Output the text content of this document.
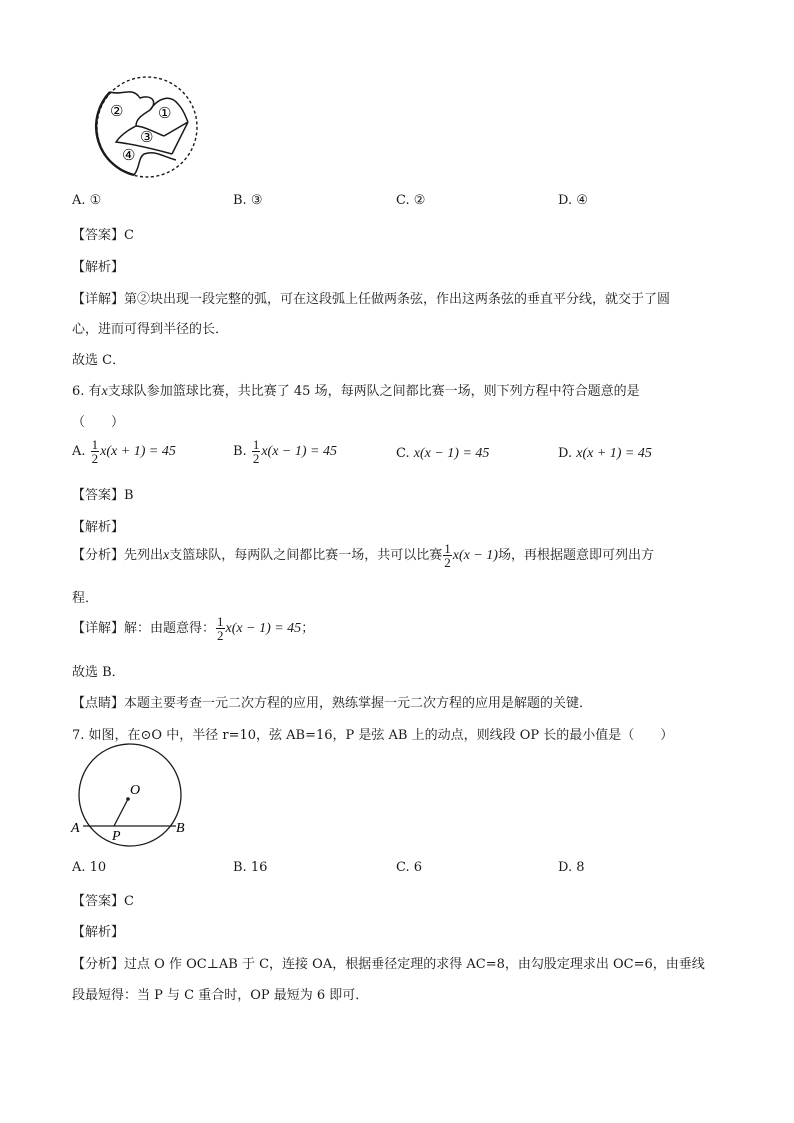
② ①
③
④
A. ①	B. ③	C. ②	D. ④
【答案】C
【解析】
【详解】第②块出现一段完整的弧，可在这段弧上任做两条弦，作出这两条弦的垂直平分线，就交于了圆
心，进而可得到半径的长．
故选 C．
6. 有x支球队参加篮球比赛，共比赛了 45 场，每两队之间都比赛一场，则下列方程中符合题意的是
（　　）
A. $\frac{1}{2} x(x + 1) = 45$	B. $\frac{1}{2} x(x - 1) = 45$	C. x(x − 1) = 45	D. x(x + 1) = 45
【答案】B
【解析】
【分析】先列出x支篮球队，每两队之间都比赛一场，共可以比赛 $\frac{1}{2} x(x - 1)$场，再根据题意即可列出方
程．
【详解】解：由题意得： $\frac{1}{2} x(x - 1) = 45$；
故选 B．
【点睛】本题主要考查一元二次方程的应用，熟练掌握一元二次方程的应用是解题的关键．
7. 如图，在⊙O 中，半径 r=10，弦 AB=16，P 是弦 AB 上的动点，则线段 OP 长的最小值是（　　）
O
A	B
P
A. 10	B. 16	C. 6	D. 8
【答案】C
【解析】
【分析】过点 O 作 OC⊥AB 于 C，连接 OA，根据垂径定理的求得 AC=8，由勾股定理求出 OC=6，由垂线
段最短得：当 P 与 C 重合时，OP 最短为 6 即可．
